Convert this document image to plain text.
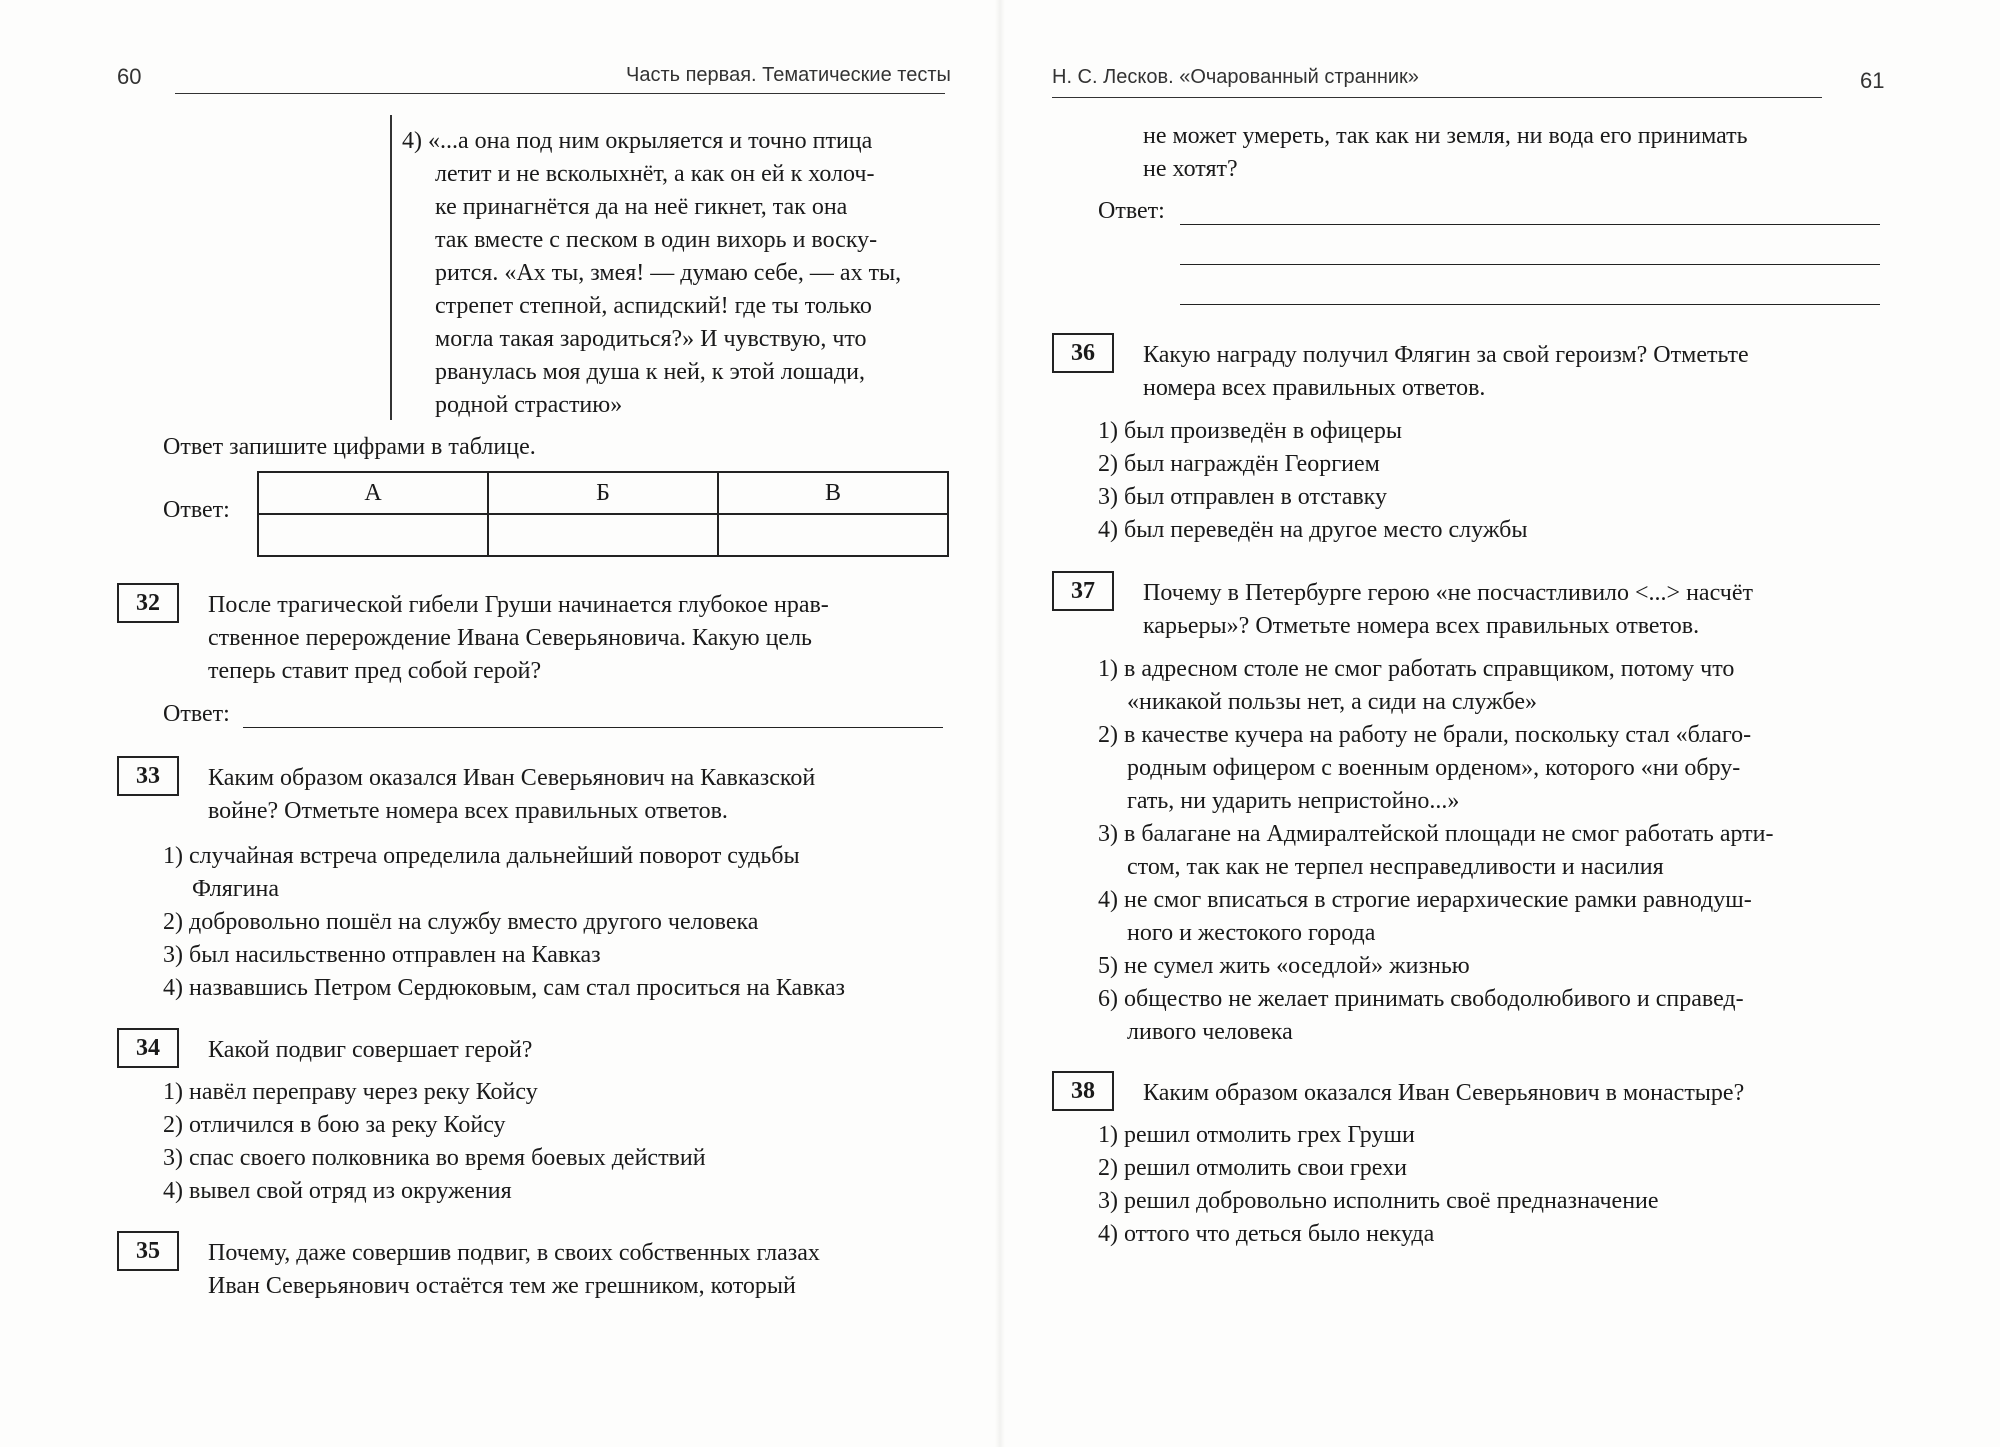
60	Часть первая. Тематические тесты
4) «...а она под ним окрыляется и точно птица
летит и не всколыхнёт, а как он ей к холоч-
ке принагнётся да на неё гикнет, так она
так вместе с песком в один вихорь и воску-
рится. «Ах ты, змея! — думаю себе, — ах ты,
стрепет степной, аспидский! где ты только
могла такая зародиться?» И чувствую, что
рванулась моя душа к ней, к этой лошади,
родной страстию»
Ответ запишите цифрами в таблице.
Ответ:
А	Б	В

32	После трагической гибели Груши начинается глубокое нрав-
ственное перерождение Ивана Северьяновича. Какую цель
теперь ставит пред собой герой?
Ответ:
33	Каким образом оказался Иван Северьянович на Кавказской
войне? Отметьте номера всех правильных ответов.
1) случайная встреча определила дальнейший поворот судьбы
Флягина
2) добровольно пошёл на службу вместо другого человека
3) был насильственно отправлен на Кавказ
4) назвавшись Петром Сердюковым, сам стал проситься на Кавказ
34	Какой подвиг совершает герой?
1) навёл переправу через реку Койсу
2) отличился в бою за реку Койсу
3) спас своего полковника во время боевых действий
4) вывел свой отряд из окружения
35	Почему, даже совершив подвиг, в своих собственных глазах
Иван Северьянович остаётся тем же грешником, который
Н. С. Лесков. «Очарованный странник»	61
не может умереть, так как ни земля, ни вода его принимать
не хотят?
Ответ:
36	Какую награду получил Флягин за свой героизм? Отметьте
номера всех правильных ответов.
1) был произведён в офицеры
2) был награждён Георгием
3) был отправлен в отставку
4) был переведён на другое место службы
37	Почему в Петербурге герою «не посчастливило <...> насчёт
карьеры»? Отметьте номера всех правильных ответов.
1) в адресном столе не смог работать справщиком, потому что
«никакой пользы нет, а сиди на службе»
2) в качестве кучера на работу не брали, поскольку стал «благо-
родным офицером с военным орденом», которого «ни обру-
гать, ни ударить непристойно...»
3) в балагане на Адмиралтейской площади не смог работать арти-
стом, так как не терпел несправедливости и насилия
4) не смог вписаться в строгие иерархические рамки равнодуш-
ного и жестокого города
5) не сумел жить «оседлой» жизнью
6) общество не желает принимать свободолюбивого и справед-
ливого человека
38	Каким образом оказался Иван Северьянович в монастыре?
1) решил отмолить грех Груши
2) решил отмолить свои грехи
3) решил добровольно исполнить своё предназначение
4) оттого что деться было некуда
